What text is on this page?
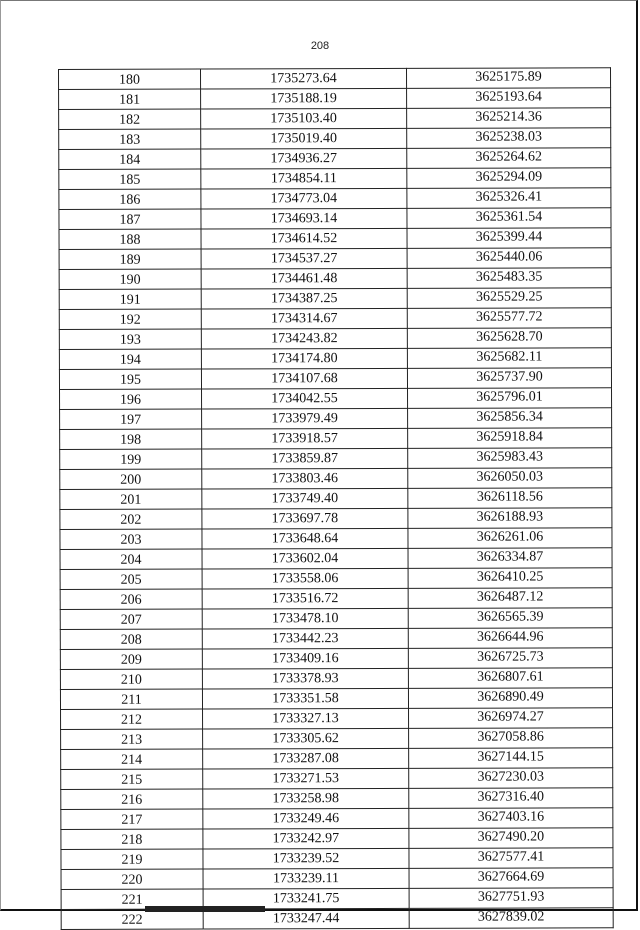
208
180	1735273.64	3625175.89
181	1735188.19	3625193.64
182	1735103.40	3625214.36
183	1735019.40	3625238.03
184	1734936.27	3625264.62
185	1734854.11	3625294.09
186	1734773.04	3625326.41
187	1734693.14	3625361.54
188	1734614.52	3625399.44
189	1734537.27	3625440.06
190	1734461.48	3625483.35
191	1734387.25	3625529.25
192	1734314.67	3625577.72
193	1734243.82	3625628.70
194	1734174.80	3625682.11
195	1734107.68	3625737.90
196	1734042.55	3625796.01
197	1733979.49	3625856.34
198	1733918.57	3625918.84
199	1733859.87	3625983.43
200	1733803.46	3626050.03
201	1733749.40	3626118.56
202	1733697.78	3626188.93
203	1733648.64	3626261.06
204	1733602.04	3626334.87
205	1733558.06	3626410.25
206	1733516.72	3626487.12
207	1733478.10	3626565.39
208	1733442.23	3626644.96
209	1733409.16	3626725.73
210	1733378.93	3626807.61
211	1733351.58	3626890.49
212	1733327.13	3626974.27
213	1733305.62	3627058.86
214	1733287.08	3627144.15
215	1733271.53	3627230.03
216	1733258.98	3627316.40
217	1733249.46	3627403.16
218	1733242.97	3627490.20
219	1733239.52	3627577.41
220	1733239.11	3627664.69
221	1733241.75	3627751.93
222	1733247.44	3627839.02
